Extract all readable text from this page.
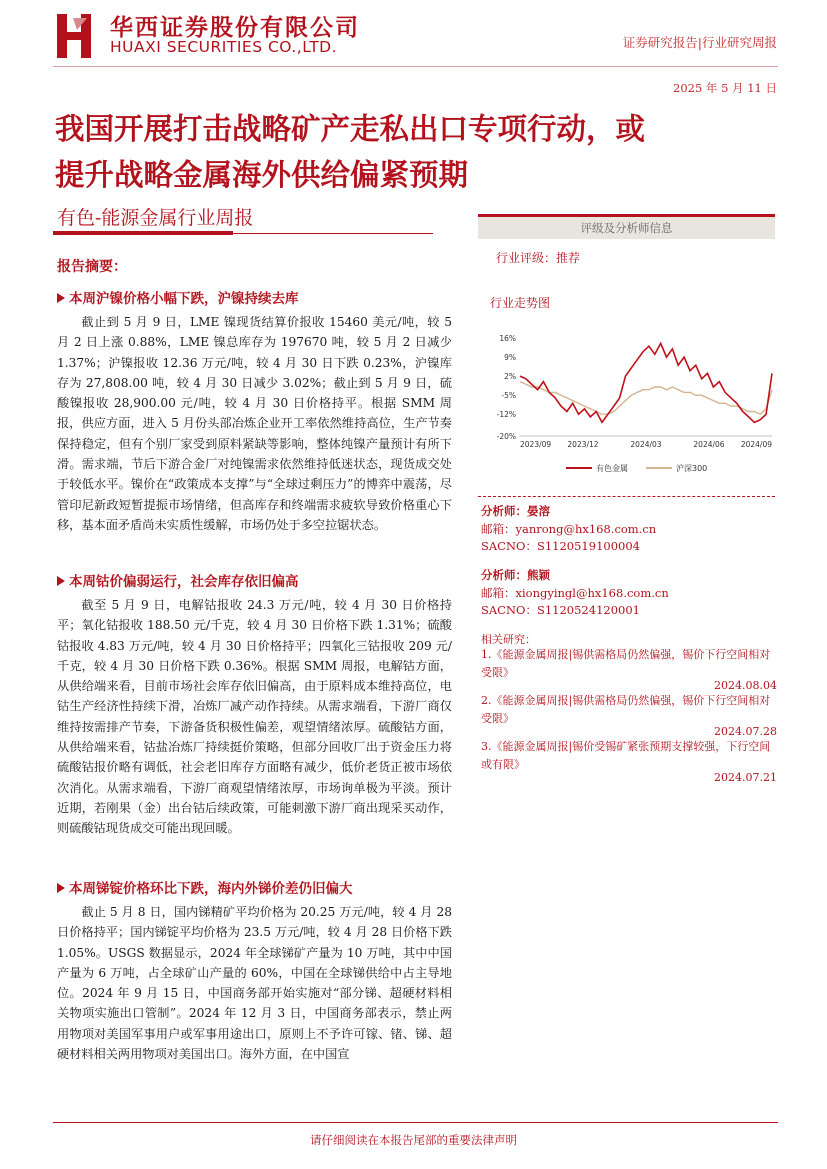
华西证券股份有限公司
HUAXI SECURITIES CO.,LTD.	证券研究报告|行业研究周报
2025 年 5 月 11 日
我国开展打击战略矿产走私出口专项行动，或
提升战略金属海外供给偏紧预期
有色-能源金属行业周报
报告摘要：
本周沪镍价格小幅下跌，沪镍持续去库
截止到 5 月 9 日，LME 镍现货结算价报收 15460 美元/吨，较 5 月 2 日上涨 0.88%，LME 镍总库存为 197670 吨，较 5 月 2 日减少 1.37%；沪镍报收 12.36 万元/吨，较 4 月 30 日下跌 0.23%，沪镍库存为 27,808.00 吨，较 4 月 30 日减少 3.02%；截止到 5 月 9 日，硫酸镍报收 28,900.00 元/吨，较 4 月 30 日价格持平。根据 SMM 周报，供应方面，进入 5 月份头部冶炼企业开工率依然维持高位，生产节奏保持稳定，但有个别厂家受到原料紧缺等影响，整体纯镍产量预计有所下滑。需求端，节后下游合金厂对纯镍需求依然维持低迷状态，现货成交处于较低水平。镍价在“政策成本支撑”与“全球过剩压力”的博弈中震荡，尽管印尼新政短暂提振市场情绪，但高库存和终端需求疲软导致价格重心下移，基本面矛盾尚未实质性缓解，市场仍处于多空拉锯状态。
本周钴价偏弱运行，社会库存依旧偏高
截至 5 月 9 日，电解钴报收 24.3 万元/吨，较 4 月 30 日价格持平；氧化钴报收 188.50 元/千克，较 4 月 30 日价格下跌 1.31%；硫酸钴报收 4.83 万元/吨，较 4 月 30 日价格持平；四氧化三钴报收 209 元/千克，较 4 月 30 日价格下跌 0.36%。根据 SMM 周报，电解钴方面，从供给端来看，目前市场社会库存依旧偏高，由于原料成本维持高位，电钴生产经济性持续下滑，冶炼厂减产动作持续。从需求端看，下游厂商仅维持按需排产节奏，下游备货积极性偏差，观望情绪浓厚。硫酸钴方面，从供给端来看，钴盐冶炼厂持续挺价策略，但部分回收厂出于资金压力将硫酸钴报价略有调低，社会老旧库存方面略有减少，低价老货正被市场依次消化。从需求端看，下游厂商观望情绪浓厚，市场询单极为平淡。预计近期，若刚果（金）出台钴后续政策，可能刺激下游厂商出现采买动作，则硫酸钴现货成交可能出现回暖。
本周锑锭价格环比下跌，海内外锑价差仍旧偏大
截止 5 月 8 日，国内锑精矿平均价格为 20.25 万元/吨，较 4 月 28 日价格持平；国内锑锭平均价格为 23.5 万元/吨，较 4 月 28 日价格下跌 1.05%。USGS 数据显示，2024 年全球锑矿产量为 10 万吨，其中中国产量为 6 万吨，占全球矿山产量的 60%，中国在全球锑供给中占主导地位。2024 年 9 月 15 日，中国商务部开始实施对“部分锑、超硬材料相关物项实施出口管制”。2024 年 12 月 3 日，中国商务部表示，禁止两用物项对美国军事用户或军事用途出口，原则上不予许可镓、锗、锑、超硬材料相关两用物项对美国出口。海外方面，在中国宣
评级及分析师信息
行业评级：推荐
行业走势图
16%
9%
2%
-5%
-12%
-20%
2023/09 2023/12	2024/03	2024/06 2024/09
有色金属	沪深300
分析师：晏溶
邮箱：yanrong@hx168.com.cn
SACNO：S1120519100004
分析师：熊颖
邮箱：xiongyingl@hx168.com.cn
SACNO：S1120524120001
相关研究：
1.《能源金属周报|锡供需格局仍然偏强，锡价下行空间相对受限》
2024.08.04
2.《能源金属周报|锡供需格局仍然偏强，锡价下行空间相对受限》
2024.07.28
3.《能源金属周报|锡价受锡矿紧张预期支撑较强，下行空间或有限》
2024.07.21
请仔细阅读在本报告尾部的重要法律声明
